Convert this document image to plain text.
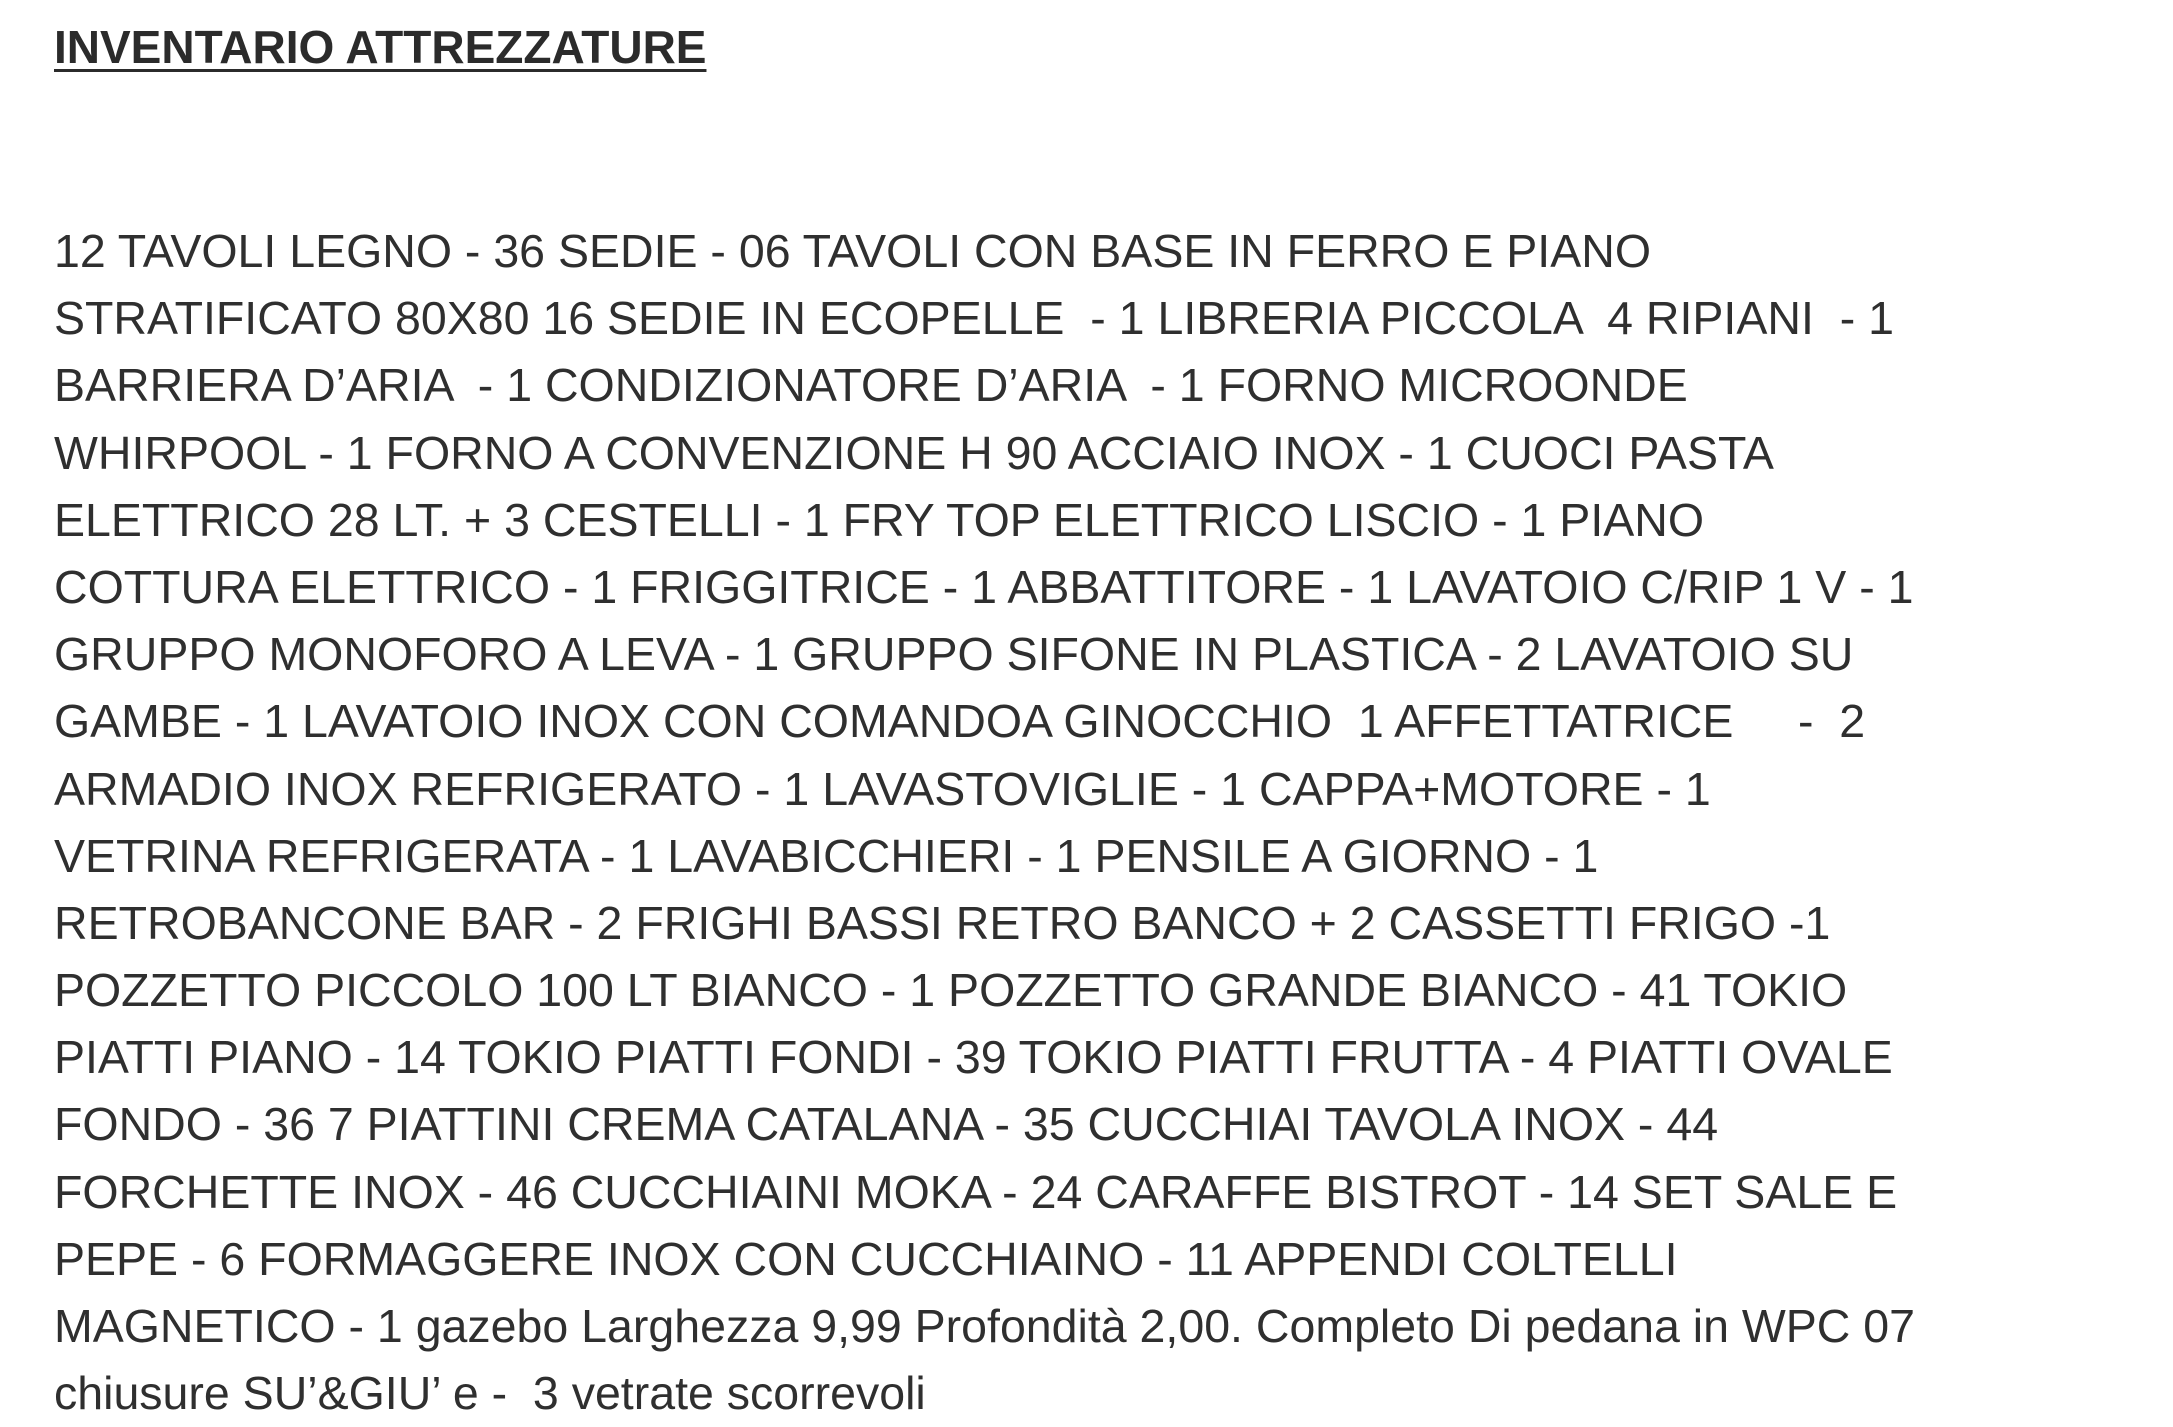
INVENTARIO ATTREZZATURE
12 TAVOLI LEGNO - 36 SEDIE - 06 TAVOLI CON BASE IN FERRO E PIANO
STRATIFICATO 80X80 16 SEDIE IN ECOPELLE  - 1 LIBRERIA PICCOLA  4 RIPIANI  - 1
BARRIERA D’ARIA  - 1 CONDIZIONATORE D’ARIA  - 1 FORNO MICROONDE
WHIRPOOL - 1 FORNO A CONVENZIONE H 90 ACCIAIO INOX - 1 CUOCI PASTA
ELETTRICO 28 LT. + 3 CESTELLI - 1 FRY TOP ELETTRICO LISCIO - 1 PIANO
COTTURA ELETTRICO - 1 FRIGGITRICE - 1 ABBATTITORE - 1 LAVATOIO C/RIP 1 V - 1
GRUPPO MONOFORO A LEVA - 1 GRUPPO SIFONE IN PLASTICA - 2 LAVATOIO SU
GAMBE - 1 LAVATOIO INOX CON COMANDOA GINOCCHIO  1 AFFETTATRICE     -  2
ARMADIO INOX REFRIGERATO - 1 LAVASTOVIGLIE - 1 CAPPA+MOTORE - 1
VETRINA REFRIGERATA - 1 LAVABICCHIERI - 1 PENSILE A GIORNO - 1
RETROBANCONE BAR - 2 FRIGHI BASSI RETRO BANCO + 2 CASSETTI FRIGO -1
POZZETTO PICCOLO 100 LT BIANCO - 1 POZZETTO GRANDE BIANCO - 41 TOKIO
PIATTI PIANO - 14 TOKIO PIATTI FONDI - 39 TOKIO PIATTI FRUTTA - 4 PIATTI OVALE
FONDO - 36 7 PIATTINI CREMA CATALANA - 35 CUCCHIAI TAVOLA INOX - 44
FORCHETTE INOX - 46 CUCCHIAINI MOKA - 24 CARAFFE BISTROT - 14 SET SALE E
PEPE - 6 FORMAGGERE INOX CON CUCCHIAINO - 11 APPENDI COLTELLI
MAGNETICO - 1 gazebo Larghezza 9,99 Profondità 2,00. Completo Di pedana in WPC 07
chiusure SU’&GIU’ e -  3 vetrate scorrevoli
